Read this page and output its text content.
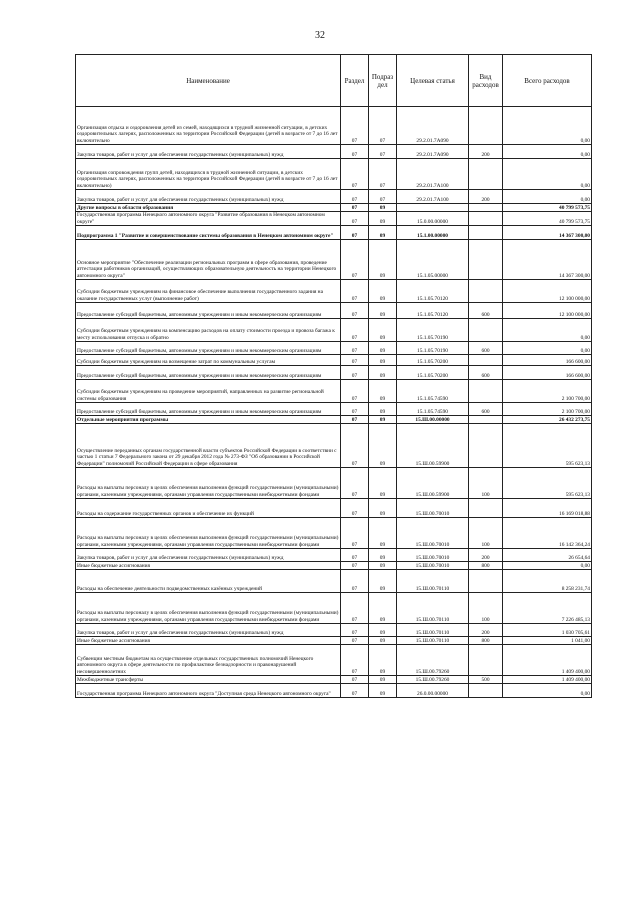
32
Наименование	Раздел	Подраз дел	Целевая статья	Вид расходов	Всего расходов
Организация отдыха и оздоровления детей из семей, находящихся в трудной жизненной ситуации, в детских оздоровительных лагерях, расположенных на территории Российской Федерации (детей в возрасте от 7 до 16 лет включительно	07	07	29.2.01.7А090		0,00
Закупка товаров, работ и услуг для обеспечения государственных (муниципальных) нужд	07	07	29.2.01.7А090	200	0,00
Организация сопровождения групп детей, находящихся в трудной жизненной ситуации, в детских оздоровительных лагерях, расположенных на территории Российской Федерации (детей в возрасте от 7 до 16 лет включительно)	07	07	29.2.01.7А100		0,00
Закупка товаров, работ и услуг для обеспечения государственных (муниципальных) нужд	07	07	29.2.01.7А100	200	0,00
Другие вопросы в области образования	07	09			40 799 573,75
Государственная программа Ненецкого автономного округа "Развитие образования в Ненецком автономном округе"	07	09	15.0.00.00000		40 799 573,75
Подпрограмма 1 "Развитие и совершенствование системы образования в Ненецком автономном округе"	07	09	15.1.00.00000		14 367 300,00
Основное мероприятие "Обеспечение реализации региональных программ в сфере образования, проведение аттестации работников организаций, осуществляющих образовательную деятельность на территории Ненецкого автономного округа"	07	09	15.1.05.00000		14 367 300,00
Субсидии бюджетным учреждениям на финансовое обеспечение выполнения государственного задания на оказание государственных услуг (выполнение работ)	07	09	15.1.05.70120		12 100 000,00
Предоставление субсидий бюджетным, автономным учреждениям и иным некоммерческим организациям	07	09	15.1.05.70120	600	12 100 000,00
Субсидии бюджетным учреждениям на компенсацию расходов на оплату стоимости проезда и провоза багажа к месту использования отпуска и обратно	07	09	15.1.05.70190		0,00
Предоставление субсидий бюджетным, автономным учреждениям и иным некоммерческим организациям	07	09	15.1.05.70190	600	0,00
Субсидии бюджетным учреждениям на возмещение затрат по коммунальным услугам	07	09	15.1.05.70200		166 600,00
Предоставление субсидий бюджетным, автономным учреждениям и иным некоммерческим организациям	07	09	15.1.05.70200	600	166 600,00
Субсидии бюджетным учреждениям на проведение мероприятий, направленных на развитие региональной системы образования	07	09	15.1.05.74590		2 100 700,00
Предоставление субсидий бюджетным, автономным учреждениям и иным некоммерческим организациям	07	09	15.1.05.74590	600	2 100 700,00
Отдельные мероприятия программы	07	09	15.Ш.00.00000		26 432 273,75
Осуществление переданных органам государственной власти субъектов Российской Федерации в соответствии с частью 1 статьи 7 Федерального закона от 29 декабря 2012 года № 273-ФЗ "Об образовании в Российской Федерации" полномочий Российской Федерации в сфере образования	07	09	15.Ш.00.59900		595 623,13
Расходы на выплаты персоналу в целях обеспечения выполнения функций государственными (муниципальными) органами, казенными учреждениями, органами управления государственными внебюджетными фондами	07	09	15.Ш.00.59900	100	595 623,13
Расходы на содержание государственных органов и обеспечение их функций	07	09	15.Ш.00.70010		16 169 018,88
Расходы на выплаты персоналу в целях обеспечения выполнения функций государственными (муниципальными) органами, казенными учреждениями, органами управления государственными внебюджетными фондами	07	09	15.Ш.00.70010	100	16 142 364,24
Закупка товаров, работ и услуг для обеспечения государственных (муниципальных) нужд	07	09	15.Ш.00.70010	200	26 654,64
Иные бюджетные ассигнования	07	09	15.Ш.00.70010	800	0,00
Расходы на обеспечение деятельности подведомственных казённых учреждений	07	09	15.Ш.00.70110		8 258 231,74
Расходы на выплаты персоналу в целях обеспечения выполнения функций государственными (муниципальными) органами, казенными учреждениями, органами управления государственными внебюджетными фондами	07	09	15.Ш.00.70110	100	7 226 485,13
Закупка товаров, работ и услуг для обеспечения государственных (муниципальных) нужд	07	09	15.Ш.00.70110	200	1 030 705,61
Иные бюджетные ассигнования	07	09	15.Ш.00.70110	800	1 041,00
Субвенции местным бюджетам на осуществление отдельных государственных полномочий Ненецкого автономного округа в сфере деятельности по профилактике безнадзорности и правонарушений несовершеннолетних	07	09	15.Ш.00.79260		1 409 400,00
Межбюджетные трансферты	07	09	15.Ш.00.79260	500	1 409 400,00
Государственная программа Ненецкого автономного округа "Доступная среда Ненецкого автономного округа"	07	09	26.0.00.00000		0,00
